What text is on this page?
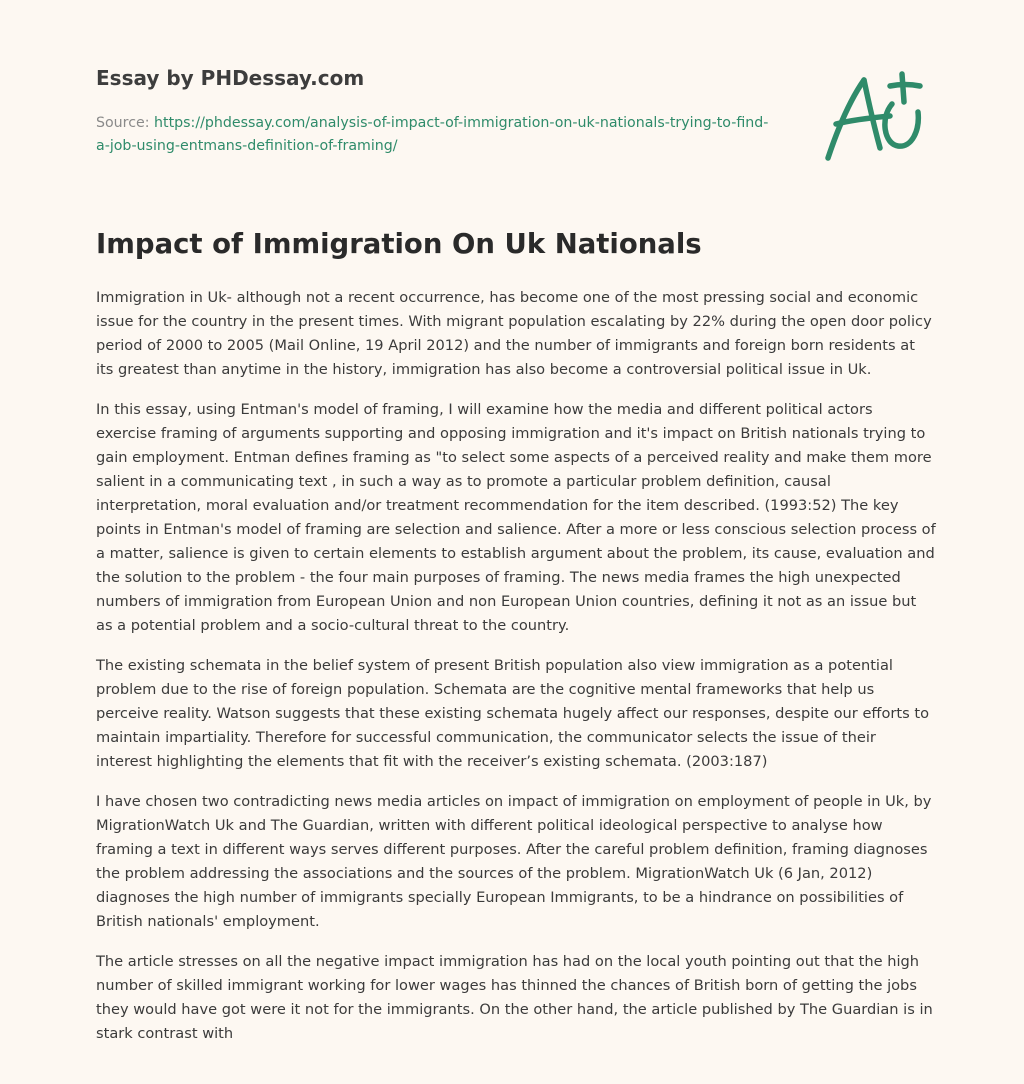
Essay by PHDessay.com
Source: https://phdessay.com/analysis-of-impact-of-immigration-on-uk-nationals-trying-to-find-a-job-using-entmans-definition-of-framing/
Impact of Immigration On Uk Nationals

Immigration in Uk- although not a recent occurrence, has become one of the most pressing social and economic issue for the country in the present times. With migrant population escalating by 22% during the open door policy period of 2000 to 2005 (Mail Online, 19 April 2012) and the number of immigrants and foreign born residents at its greatest than anytime in the history, immigration has also become a controversial political issue in Uk.

In this essay, using Entman's model of framing, I will examine how the media and different political actors exercise framing of arguments supporting and opposing immigration and it's impact on British nationals trying to gain employment. Entman defines framing as "to select some aspects of a perceived reality and make them more salient in a communicating text , in such a way as to promote a particular problem definition, causal interpretation, moral evaluation and/or treatment recommendation for the item described. (1993:52) The key points in Entman's model of framing are selection and salience. After a more or less conscious selection process of a matter, salience is given to certain elements to establish argument about the problem, its cause, evaluation and the solution to the problem - the four main purposes of framing. The news media frames the high unexpected numbers of immigration from European Union and non European Union countries, defining it not as an issue but as a potential problem and a socio-cultural threat to the country.

The existing schemata in the belief system of present British population also view immigration as a potential problem due to the rise of foreign population. Schemata are the cognitive mental frameworks that help us perceive reality. Watson suggests that these existing schemata hugely affect our responses, despite our efforts to maintain impartiality. Therefore for successful communication, the communicator selects the issue of their interest highlighting the elements that fit with the receiver’s existing schemata. (2003:187)

I have chosen two contradicting news media articles on impact of immigration on employment of people in Uk, by MigrationWatch Uk and The Guardian, written with different political ideological perspective to analyse how framing a text in different ways serves different purposes. After the careful problem definition, framing diagnoses the problem addressing the associations and the sources of the problem. MigrationWatch Uk (6 Jan, 2012) diagnoses the high number of immigrants specially European Immigrants, to be a hindrance on possibilities of British nationals' employment.

The article stresses on all the negative impact immigration has had on the local youth pointing out that the high number of skilled immigrant working for lower wages has thinned the chances of British born of getting the jobs they would have got were it not for the immigrants. On the other hand, the article published by The Guardian is in stark contrast with
